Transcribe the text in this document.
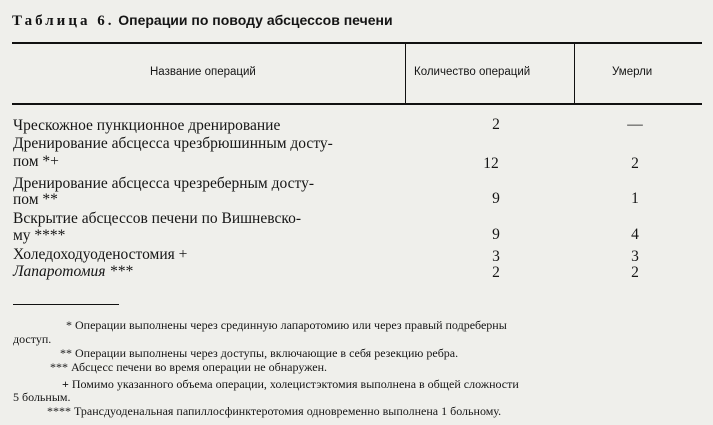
Таблица 6. Операции по поводу абсцессов печени
Название операций	Количество операций	Умерли
Чрескожное пункционное дренирование	2	—
Дренирование абсцесса чрезбрюшинным досту-
пом *+	12	2
Дренирование абсцесса чрезреберным досту-
пом **	9	1
Вскрытие абсцессов печени по Вишневско-
му ****	9	4
Холедоходуоденостомия +	3	3
Лапаротомия ***	2	2
* Операции выполнены через срединную лапаротомию или через правый подреберны
доступ.
** Операции выполнены через доступы, включающие в себя резекцию ребра.
*** Абсцесс печени во время операции не обнаружен.
+ Помимо указанного объема операции, холецистэктомия выполнена в общей сложности
5 больным.
**** Трансдуоденальная папиллосфинктеротомия одновременно выполнена 1 больному.
